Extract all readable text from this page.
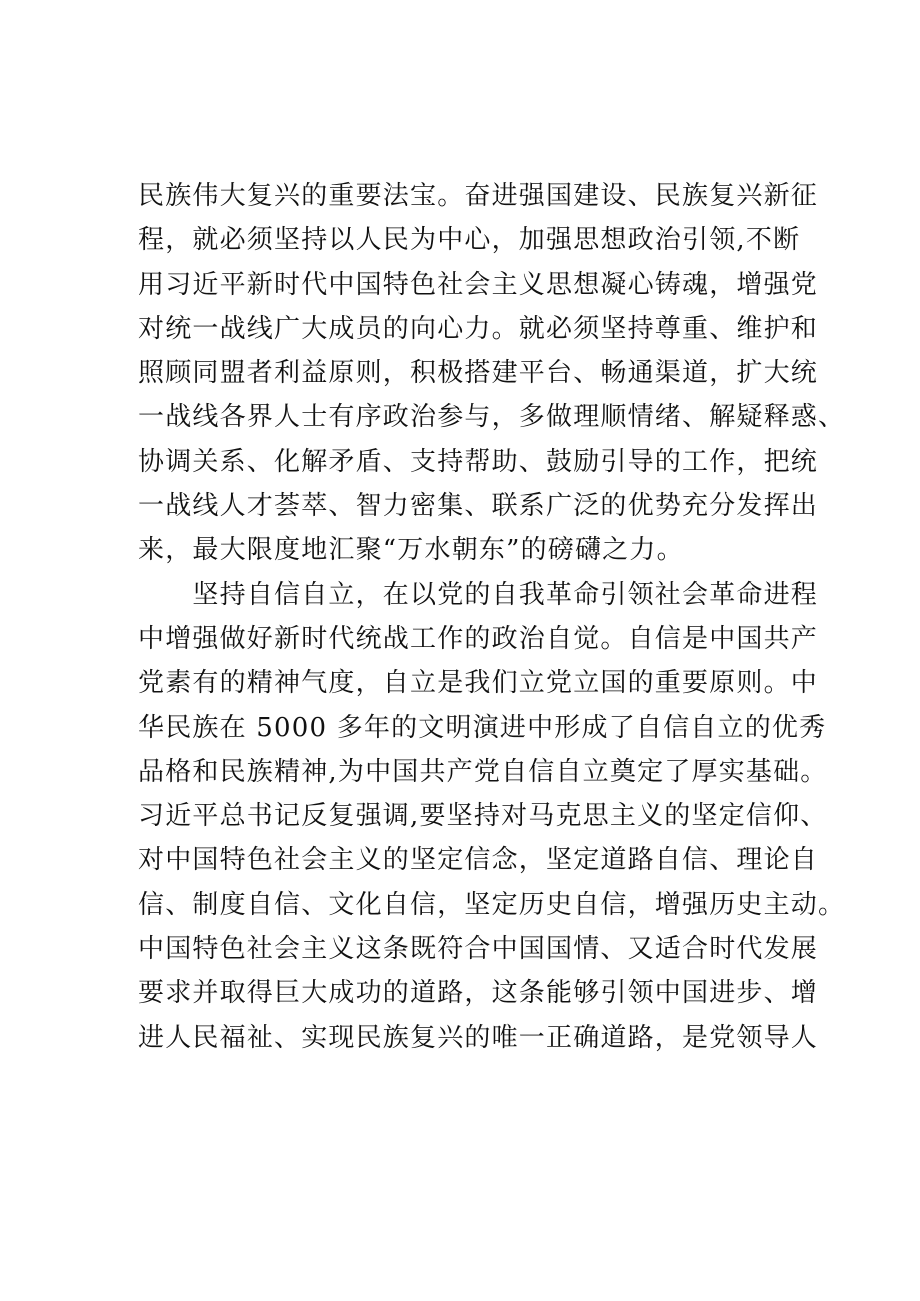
民族伟大复兴的重要法宝。奋进强国建设、民族复兴新征
程，就必须坚持以人民为中心，加强思想政治引领,不断
用习近平新时代中国特色社会主义思想凝心铸魂，增强党
对统一战线广大成员的向心力。就必须坚持尊重、维护和
照顾同盟者利益原则，积极搭建平台、畅通渠道，扩大统
一战线各界人士有序政治参与，多做理顺情绪、解疑释惑、
协调关系、化解矛盾、支持帮助、鼓励引导的工作，把统
一战线人才荟萃、智力密集、联系广泛的优势充分发挥出
来，最大限度地汇聚“万水朝东”的磅礴之力。
　　坚持自信自立，在以党的自我革命引领社会革命进程
中增强做好新时代统战工作的政治自觉。自信是中国共产
党素有的精神气度，自立是我们立党立国的重要原则。中
华民族在 5000 多年的文明演进中形成了自信自立的优秀
品格和民族精神,为中国共产党自信自立奠定了厚实基础。
习近平总书记反复强调,要坚持对马克思主义的坚定信仰、
对中国特色社会主义的坚定信念，坚定道路自信、理论自
信、制度自信、文化自信，坚定历史自信，增强历史主动。
中国特色社会主义这条既符合中国国情、又适合时代发展
要求并取得巨大成功的道路，这条能够引领中国进步、增
进人民福祉、实现民族复兴的唯一正确道路，是党领导人
